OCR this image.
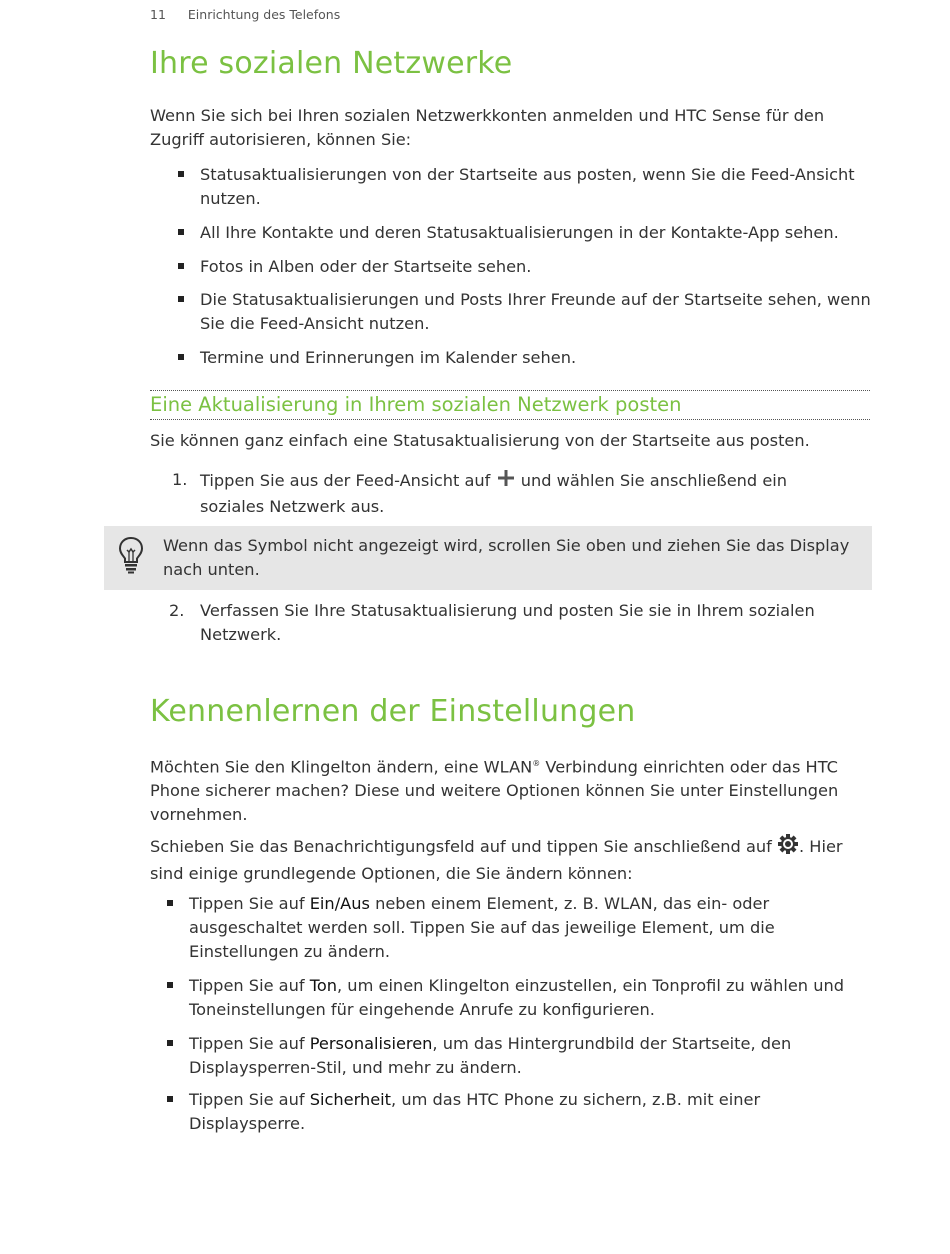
11 Einrichtung des Telefons
Ihre sozialen Netzwerke

Wenn Sie sich bei Ihren sozialen Netzwerkkonten anmelden und HTC Sense für den Zugriff autorisieren, können Sie:

Statusaktualisierungen von der Startseite aus posten, wenn Sie die Feed-Ansicht nutzen.

All Ihre Kontakte und deren Statusaktualisierungen in der Kontakte-App sehen.

Fotos in Alben oder der Startseite sehen.

Die Statusaktualisierungen und Posts Ihrer Freunde auf der Startseite sehen, wenn Sie die Feed-Ansicht nutzen.

Termine und Erinnerungen im Kalender sehen.

Eine Aktualisierung in Ihrem sozialen Netzwerk posten

Sie können ganz einfach eine Statusaktualisierung von der Startseite aus posten.

1. Tippen Sie aus der Feed-Ansicht auf und wählen Sie anschließend ein soziales Netzwerk aus.

Wenn das Symbol nicht angezeigt wird, scrollen Sie oben und ziehen Sie das Display nach unten.

2. Verfassen Sie Ihre Statusaktualisierung und posten Sie sie in Ihrem sozialen Netzwerk.

Kennenlernen der Einstellungen

Möchten Sie den Klingelton ändern, eine WLAN® Verbindung einrichten oder das HTC Phone sicherer machen? Diese und weitere Optionen können Sie unter Einstellungen vornehmen.

Schieben Sie das Benachrichtigungsfeld auf und tippen Sie anschließend auf . Hier sind einige grundlegende Optionen, die Sie ändern können:

Tippen Sie auf Ein/Aus neben einem Element, z. B. WLAN, das ein- oder ausgeschaltet werden soll. Tippen Sie auf das jeweilige Element, um die Einstellungen zu ändern.

Tippen Sie auf Ton, um einen Klingelton einzustellen, ein Tonprofil zu wählen und Toneinstellungen für eingehende Anrufe zu konfigurieren.

Tippen Sie auf Personalisieren, um das Hintergrundbild der Startseite, den Displaysperren-Stil, und mehr zu ändern.

Tippen Sie auf Sicherheit, um das HTC Phone zu sichern, z.B. mit einer Displaysperre.
